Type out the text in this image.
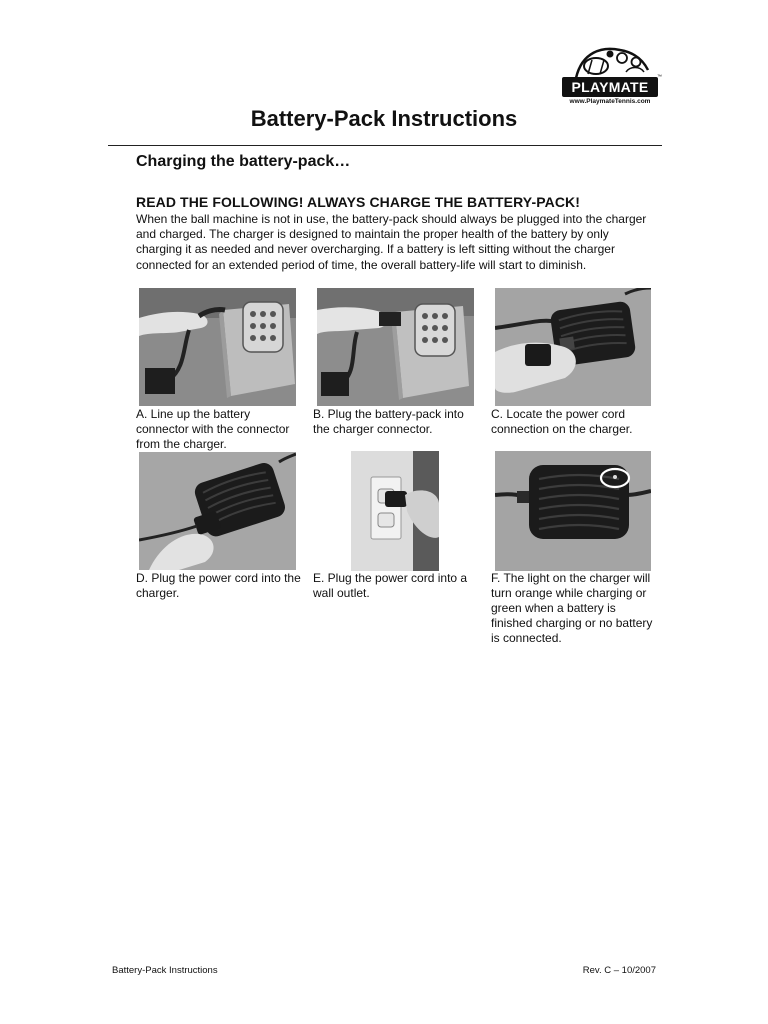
PLAYMATE
™
www.PlaymateTennis.com
Battery-Pack Instructions
Charging the battery-pack…
READ THE FOLLOWING! ALWAYS CHARGE THE BATTERY-PACK!

When the ball machine is not in use, the battery-pack should always be plugged into the charger and charged. The charger is designed to maintain the proper health of the battery by only charging it as needed and never overcharging. If a battery is left sitting without the charger connected for an extended period of time, the overall battery-life will start to diminish.

A. Line up the battery connector with the connector from the charger.
B. Plug the battery-pack into the charger connector.
C. Locate the power cord connection on the charger.
D. Plug the power cord into the charger.
E. Plug the power cord into a wall outlet.
F. The light on the charger will turn orange while charging or green when a battery is finished charging or no battery is connected.
Battery-Pack Instructions	Rev. C – 10/2007
